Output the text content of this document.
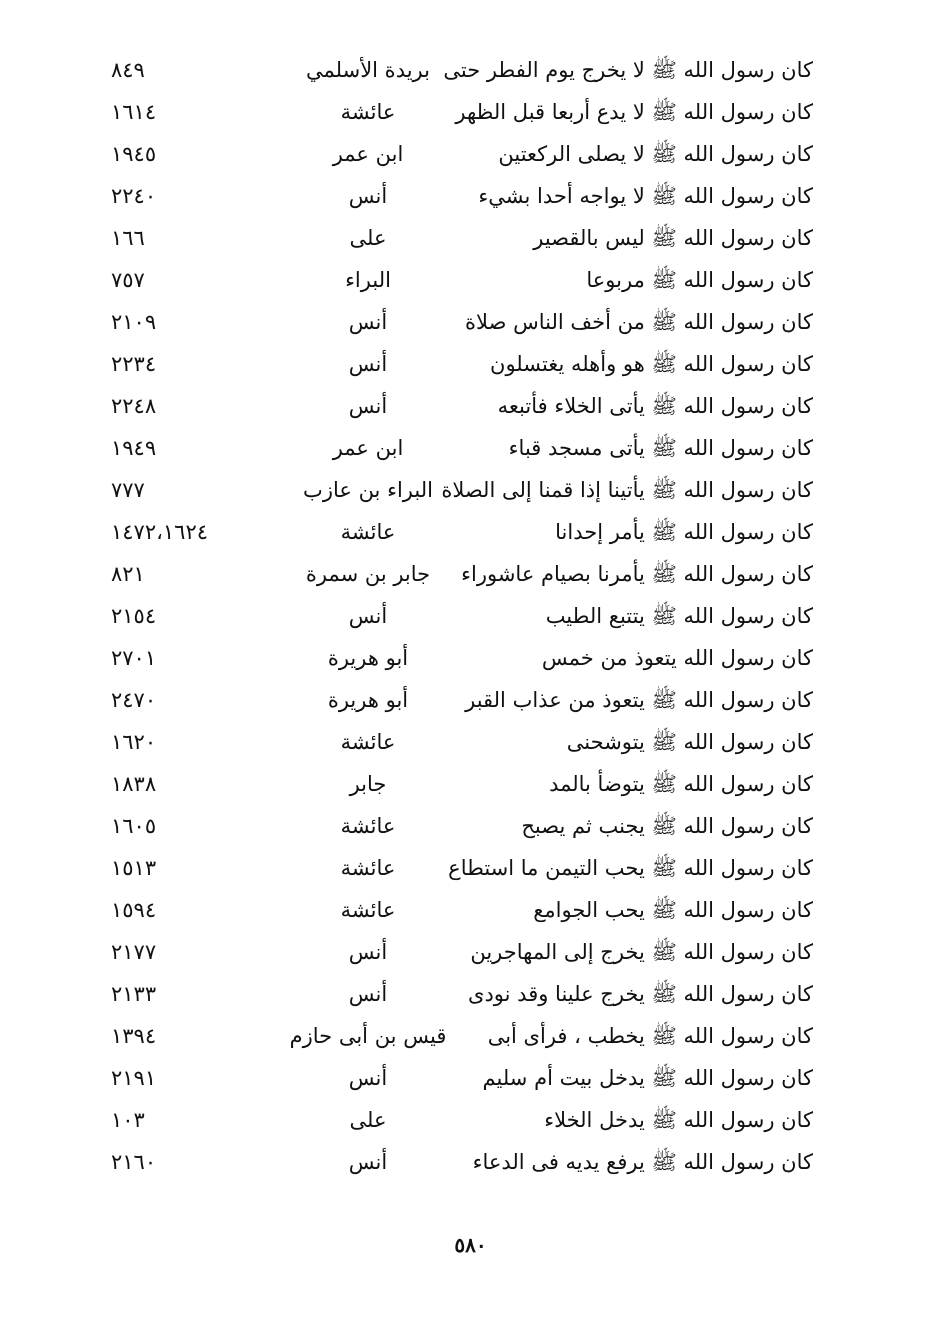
كان رسول الله ﷺ لا يخرج يوم الفطر حتى
بريدة الأسلمي
٨٤٩
كان رسول الله ﷺ لا يدع أربعا قبل الظهر
عائشة
١٦١٤
كان رسول الله ﷺ لا يصلى الركعتين
ابن عمر
١٩٤٥
كان رسول الله ﷺ لا يواجه أحدا بشيء
أنس
٢٢٤٠
كان رسول الله ﷺ ليس بالقصير
على
١٦٦
كان رسول الله ﷺ مربوعا
البراء
٧٥٧
كان رسول الله ﷺ من أخف الناس صلاة
أنس
٢١٠٩
كان رسول الله ﷺ هو وأهله يغتسلون
أنس
٢٢٣٤
كان رسول الله ﷺ يأتى الخلاء فأتبعه
أنس
٢٢٤٨
كان رسول الله ﷺ يأتى مسجد قباء
ابن عمر
١٩٤٩
كان رسول الله ﷺ يأتينا إذا قمنا إلى الصلاة
البراء بن عازب
٧٧٧
كان رسول الله ﷺ يأمر إحدانا
عائشة
١٤٧٢،١٦٢٤
كان رسول الله ﷺ يأمرنا بصيام عاشوراء
جابر بن سمرة
٨٢١
كان رسول الله ﷺ يتتبع الطيب
أنس
٢١٥٤
كان رسول الله يتعوذ من خمس
أبو هريرة
٢٧٠١
كان رسول الله ﷺ يتعوذ من عذاب القبر
أبو هريرة
٢٤٧٠
كان رسول الله ﷺ يتوشحنى
عائشة
١٦٢٠
كان رسول الله ﷺ يتوضأ بالمد
جابر
١٨٣٨
كان رسول الله ﷺ يجنب ثم يصبح
عائشة
١٦٠٥
كان رسول الله ﷺ يحب التيمن ما استطاع
عائشة
١٥١٣
كان رسول الله ﷺ يحب الجوامع
عائشة
١٥٩٤
كان رسول الله ﷺ يخرج إلى المهاجرين
أنس
٢١٧٧
كان رسول الله ﷺ يخرج علينا وقد نودى
أنس
٢١٣٣
كان رسول الله ﷺ يخطب ، فرأى أبى
قيس بن أبى حازم
١٣٩٤
كان رسول الله ﷺ يدخل بيت أم سليم
أنس
٢١٩١
كان رسول الله ﷺ يدخل الخلاء
على
١٠٣
كان رسول الله ﷺ يرفع يديه فى الدعاء
أنس
٢١٦٠
٥٨٠
